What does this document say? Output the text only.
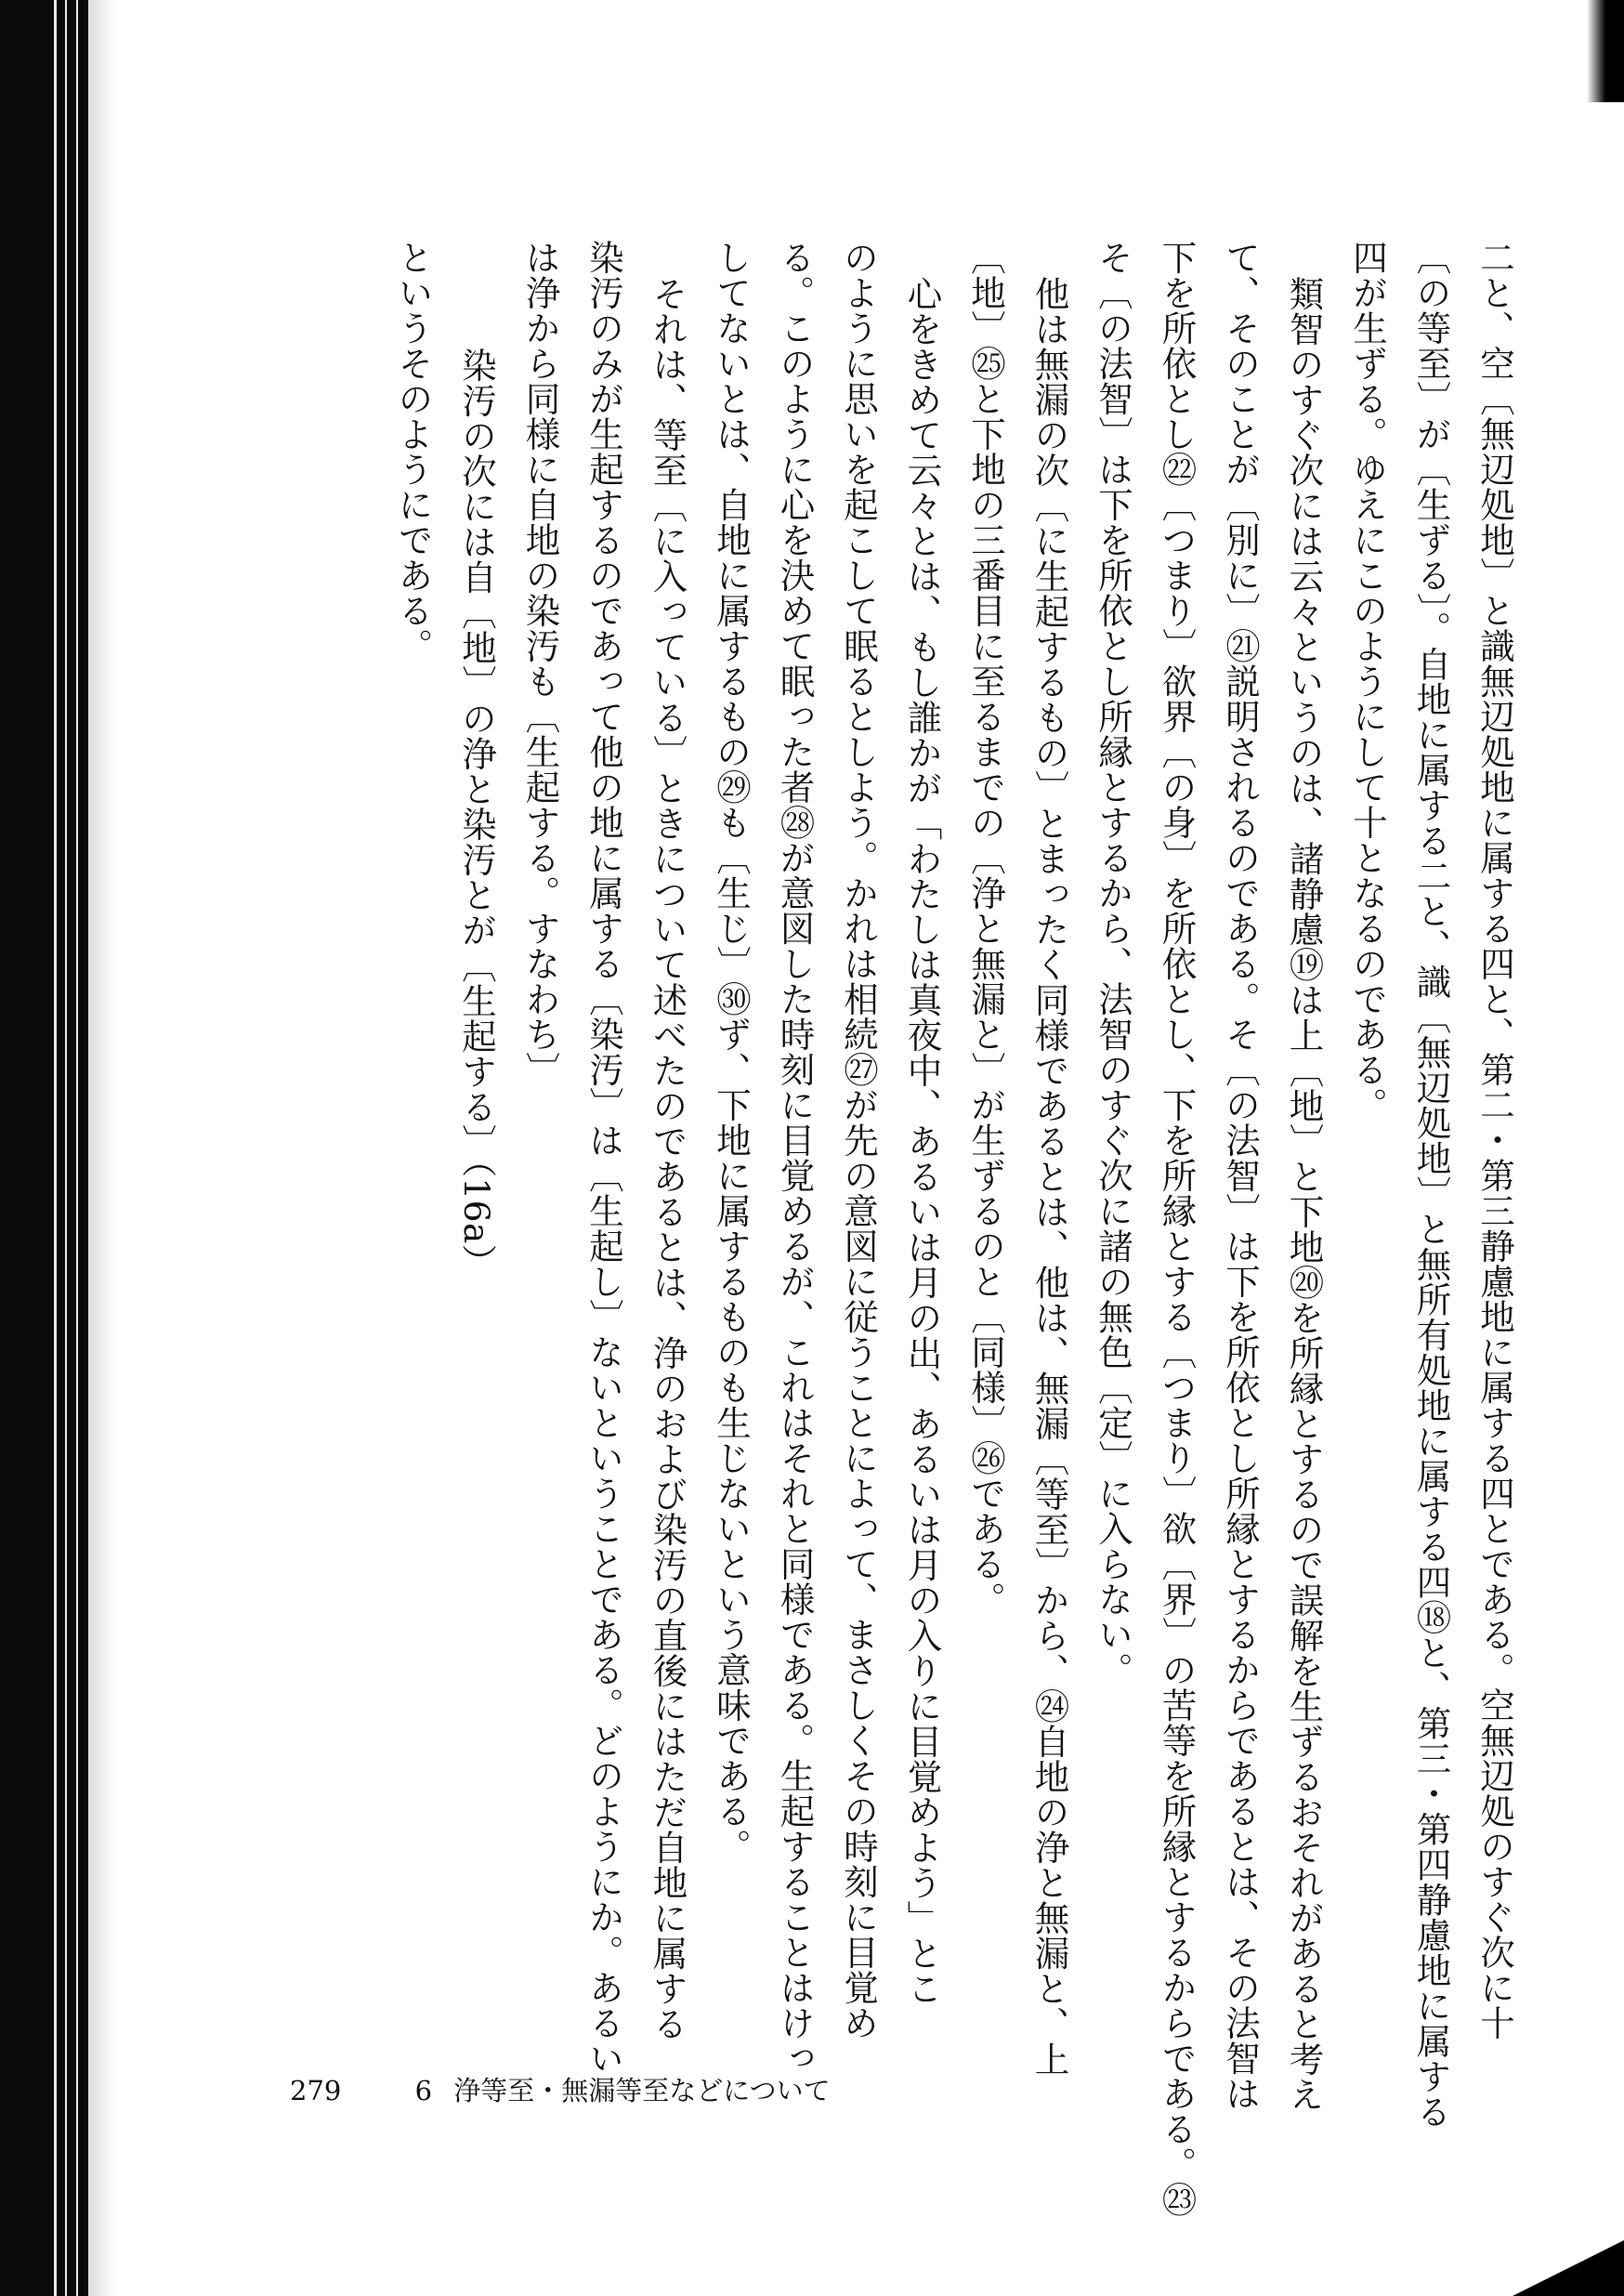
二と、空〔無辺処地〕と識無辺処地に属する四と、第二・第三静慮地に属する四とである。空無辺処のすぐ次に十

〔の等至〕が〔生ずる〕。自地に属する二と、識〔無辺処地〕と無所有処地に属する四⑱と、第三・第四静慮地に属する

四が生ずる。ゆえにこのようにして十となるのである。

類智のすぐ次には云々というのは、諸静慮⑲は上〔地〕と下地⑳を所縁とするので誤解を生ずるおそれがあると考え

て、そのことが〔別に〕㉑説明されるのである。そ〔の法智〕は下を所依とし所縁とするからであるとは、その法智は

下を所依とし㉒〔つまり〕欲界〔の身〕を所依とし、下を所縁とする〔つまり〕欲〔界〕の苦等を所縁とするからである。㉓

そ〔の法智〕は下を所依とし所縁とするから、法智のすぐ次に諸の無色〔定〕に入らない。

他は無漏の次〔に生起するもの〕とまったく同様であるとは、他は、無漏〔等至〕から、㉔自地の浄と無漏と、上

〔地〕㉕と下地の三番目に至るまでの〔浄と無漏と〕が生ずるのと〔同様〕㉖である。

心をきめて云々とは、もし誰かが「わたしは真夜中、あるいは月の出、あるいは月の入りに目覚めよう」とこ

のように思いを起こして眠るとしよう。かれは相続㉗が先の意図に従うことによって、まさしくその時刻に目覚め

る。このように心を決めて眠った者㉘が意図した時刻に目覚めるが、これはそれと同様である。生起することはけっ

してないとは、自地に属するもの㉙も〔生じ〕㉚ず、下地に属するものも生じないという意味である。

それは、等至〔に入っている〕ときについて述べたのであるとは、浄のおよび染汚の直後にはただ自地に属する

染汚のみが生起するのであって他の地に属する〔染汚〕は〔生起し〕ないということである。どのようにか。あるい

は浄から同様に自地の染汚も〔生起する。すなわち〕

染汚の次には自〔地〕の浄と染汚とが〔生起する〕（16a）

というそのようにである。

279	6 浄等至・無漏等至などについて
